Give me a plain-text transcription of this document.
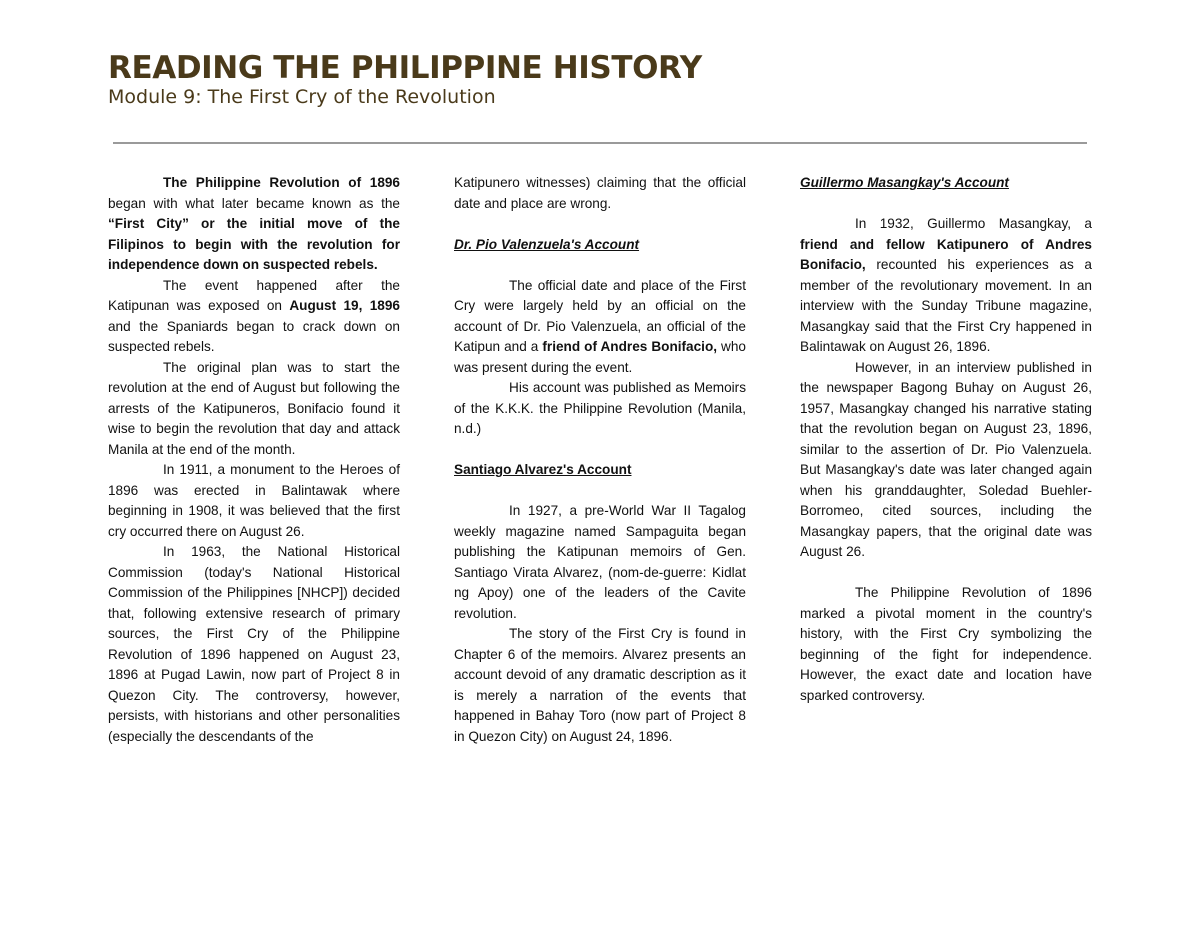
READING THE PHILIPPINE HISTORY
Module 9: The First Cry of the Revolution

The Philippine Revolution of 1896 began with what later became known as the “First City” or the initial move of the Filipinos to begin with the revolution for independence down on suspected rebels.

The event happened after the Katipunan was exposed on August 19, 1896 and the Spaniards began to crack down on suspected rebels.

The original plan was to start the revolution at the end of August but following the arrests of the Katipuneros, Bonifacio found it wise to begin the revolution that day and attack Manila at the end of the month.

In 1911, a monument to the Heroes of 1896 was erected in Balintawak where beginning in 1908, it was believed that the first cry occurred there on August 26.

In 1963, the National Historical Commission (today's National Historical Commission of the Philippines [NHCP]) decided that, following extensive research of primary sources, the First Cry of the Philippine Revolution of 1896 happened on August 23, 1896 at Pugad Lawin, now part of Project 8 in Quezon City. The controversy, however, persists, with historians and other personalities (especially the descendants of the

Katipunero witnesses) claiming that the official date and place are wrong.

Dr. Pio Valenzuela's Account

The official date and place of the First Cry were largely held by an official on the account of Dr. Pio Valenzuela, an official of the Katipun and a friend of Andres Bonifacio, who was present during the event.

His account was published as Memoirs of the K.K.K. the Philippine Revolution (Manila, n.d.)

Santiago Alvarez's Account

In 1927, a pre-World War II Tagalog weekly magazine named Sampaguita began publishing the Katipunan memoirs of Gen. Santiago Virata Alvarez, (nom-de-guerre: Kidlat ng Apoy) one of the leaders of the Cavite revolution.

The story of the First Cry is found in Chapter 6 of the memoirs. Alvarez presents an account devoid of any dramatic description as it is merely a narration of the events that happened in Bahay Toro (now part of Project 8 in Quezon City) on August 24, 1896.

Guillermo Masangkay's Account

In 1932, Guillermo Masangkay, a friend and fellow Katipunero of Andres Bonifacio, recounted his experiences as a member of the revolutionary movement. In an interview with the Sunday Tribune magazine, Masangkay said that the First Cry happened in Balintawak on August 26, 1896.

However, in an interview published in the newspaper Bagong Buhay on August 26, 1957, Masangkay changed his narrative stating that the revolution began on August 23, 1896, similar to the assertion of Dr. Pio Valenzuela. But Masangkay's date was later changed again when his granddaughter, Soledad Buehler-Borromeo, cited sources, including the Masangkay papers, that the original date was August 26.

The Philippine Revolution of 1896 marked a pivotal moment in the country's history, with the First Cry symbolizing the beginning of the fight for independence. However, the exact date and location have sparked controversy.
